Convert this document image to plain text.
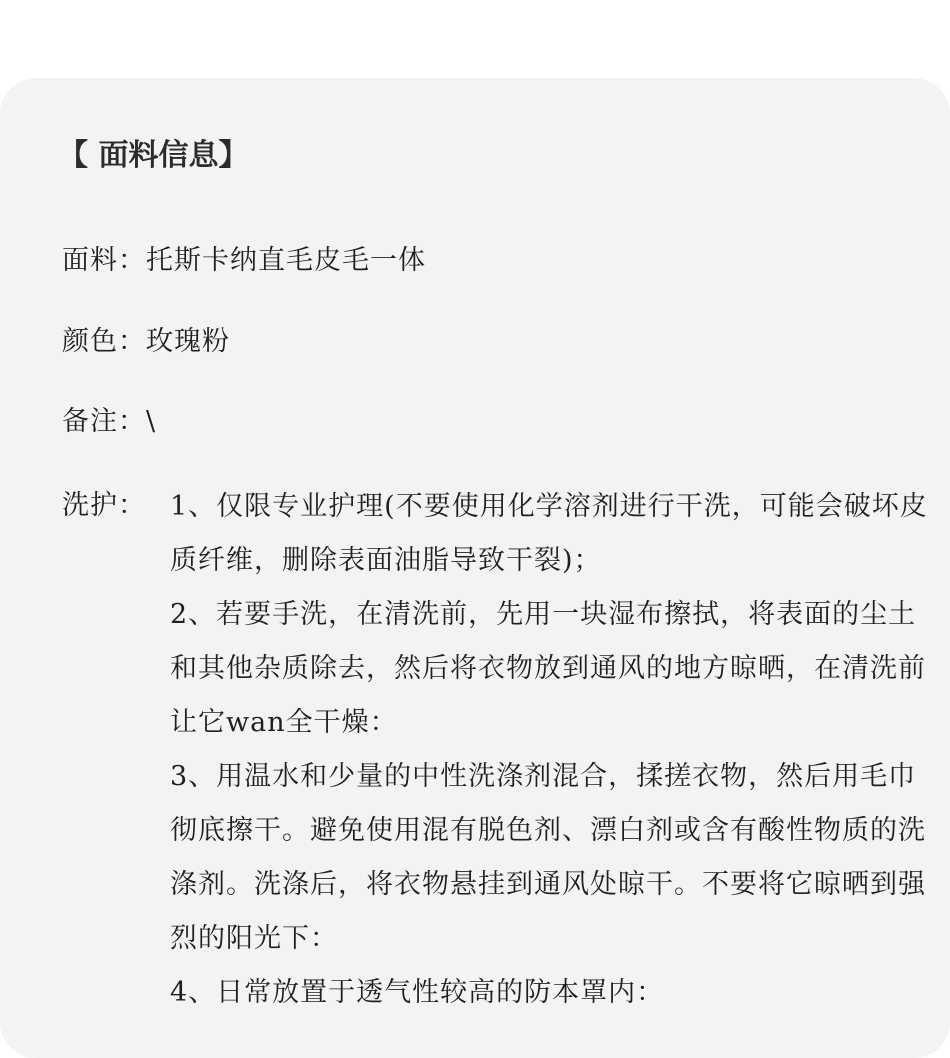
【 面料信息】
面料：托斯卡纳直毛皮毛一体
颜色：玫瑰粉
备注：\
洗护： 1、仅限专业护理(不要使用化学溶剂进行干洗，可能会破坏皮质纤维，删除表面油脂导致干裂)；

2、若要手洗，在清洗前，先用一块湿布擦拭，将表面的尘土和其他杂质除去，然后将衣物放到通风的地方晾晒，在清洗前让它wan全干燥：

3、用温水和少量的中性洗涤剂混合，揉搓衣物，然后用毛巾彻底擦干。避免使用混有脱色剂、漂白剂或含有酸性物质的洗涤剂。洗涤后，将衣物悬挂到通风处晾干。不要将它晾晒到强烈的阳光下：

4、日常放置于透气性较高的防本罩内：
